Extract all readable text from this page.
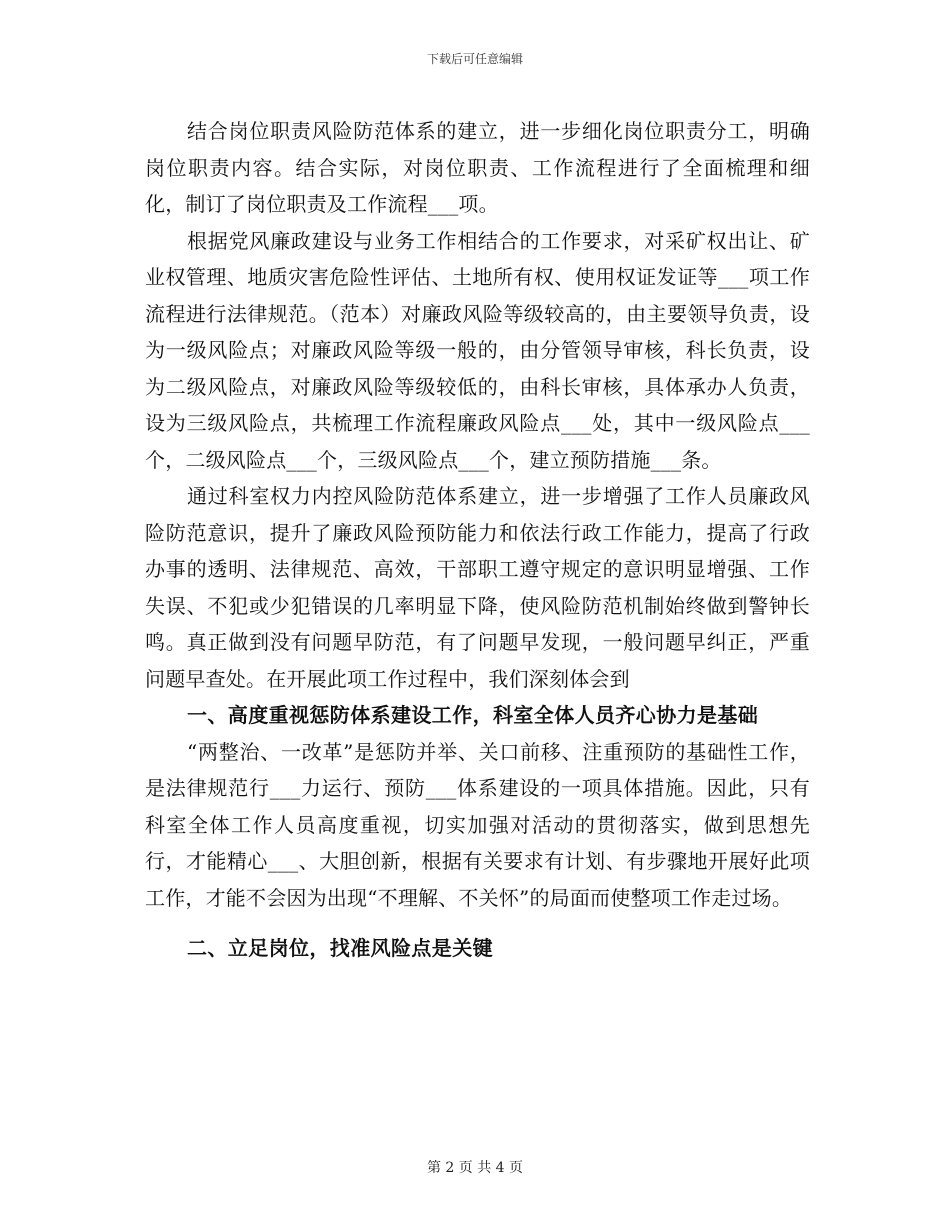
下载后可任意编辑

结合岗位职责风险防范体系的建立，进一步细化岗位职责分工，明确岗位职责内容。结合实际，对岗位职责、工作流程进行了全面梳理和细化，制订了岗位职责及工作流程___项。

根据党风廉政建设与业务工作相结合的工作要求，对采矿权出让、矿业权管理、地质灾害危险性评估、土地所有权、使用权证发证等___项工作流程进行法律规范。（范本）对廉政风险等级较高的，由主要领导负责，设为一级风险点；对廉政风险等级一般的，由分管领导审核，科长负责，设为二级风险点，对廉政风险等级较低的，由科长审核，具体承办人负责，设为三级风险点，共梳理工作流程廉政风险点___处，其中一级风险点___个，二级风险点___个，三级风险点___个，建立预防措施___条。

通过科室权力内控风险防范体系建立，进一步增强了工作人员廉政风险防范意识，提升了廉政风险预防能力和依法行政工作能力，提高了行政办事的透明、法律规范、高效，干部职工遵守规定的意识明显增强、工作失误、不犯或少犯错误的几率明显下降，使风险防范机制始终做到警钟长鸣。真正做到没有问题早防范，有了问题早发现，一般问题早纠正，严重问题早查处。在开展此项工作过程中，我们深刻体会到

一、高度重视惩防体系建设工作，科室全体人员齐心协力是基础

“两整治、一改革”是惩防并举、关口前移、注重预防的基础性工作，是法律规范行___力运行、预防___体系建设的一项具体措施。因此，只有科室全体工作人员高度重视，切实加强对活动的贯彻落实，做到思想先行，才能精心___、大胆创新，根据有关要求有计划、有步骤地开展好此项工作，才能不会因为出现“不理解、不关怀”的局面而使整项工作走过场。

二、立足岗位，找准风险点是关键

第 2 页 共 4 页
